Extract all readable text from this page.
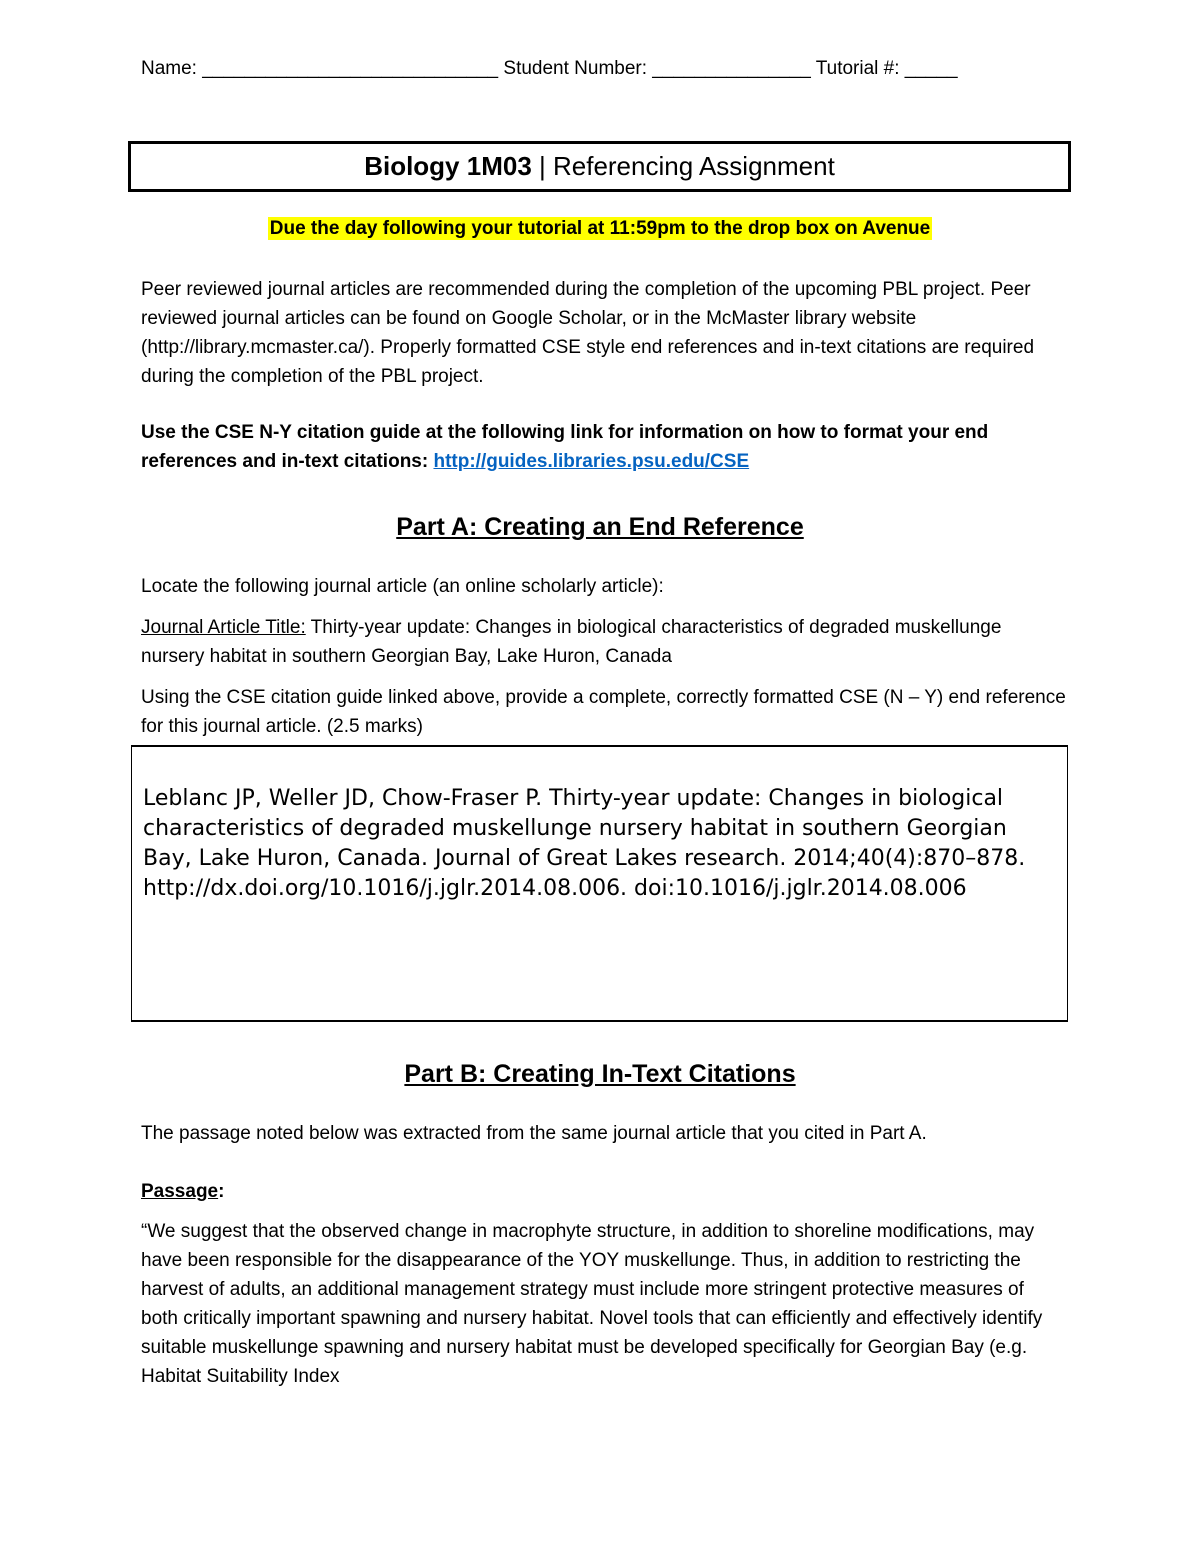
Name: ____________________________ Student Number: _______________ Tutorial #: _____
Biology 1M03 | Referencing Assignment
Due the day following your tutorial at 11:59pm to the drop box on Avenue
Peer reviewed journal articles are recommended during the completion of the upcoming PBL project. Peer reviewed journal articles can be found on Google Scholar, or in the McMaster library website (http://library.mcmaster.ca/). Properly formatted CSE style end references and in-text citations are required during the completion of the PBL project.
Use the CSE N-Y citation guide at the following link for information on how to format your end references and in-text citations: http://guides.libraries.psu.edu/CSE
Part A: Creating an End Reference
Locate the following journal article (an online scholarly article):
Journal Article Title: Thirty-year update: Changes in biological characteristics of degraded muskellunge nursery habitat in southern Georgian Bay, Lake Huron, Canada
Using the CSE citation guide linked above, provide a complete, correctly formatted CSE (N – Y) end reference for this journal article. (2.5 marks)
Leblanc JP, Weller JD, Chow-Fraser P. Thirty-year update: Changes in biological characteristics of degraded muskellunge nursery habitat in southern Georgian Bay, Lake Huron, Canada. Journal of Great Lakes research. 2014;40(4):870–878. http://dx.doi.org/10.1016/j.jglr.2014.08.006. doi:10.1016/j.jglr.2014.08.006
Part B: Creating In-Text Citations
The passage noted below was extracted from the same journal article that you cited in Part A.
Passage:
“We suggest that the observed change in macrophyte structure, in addition to shoreline modifications, may have been responsible for the disappearance of the YOY muskellunge. Thus, in addition to restricting the harvest of adults, an additional management strategy must include more stringent protective measures of both critically important spawning and nursery habitat. Novel tools that can efficiently and effectively identify suitable muskellunge spawning and nursery habitat must be developed specifically for Georgian Bay (e.g. Habitat Suitability Index
